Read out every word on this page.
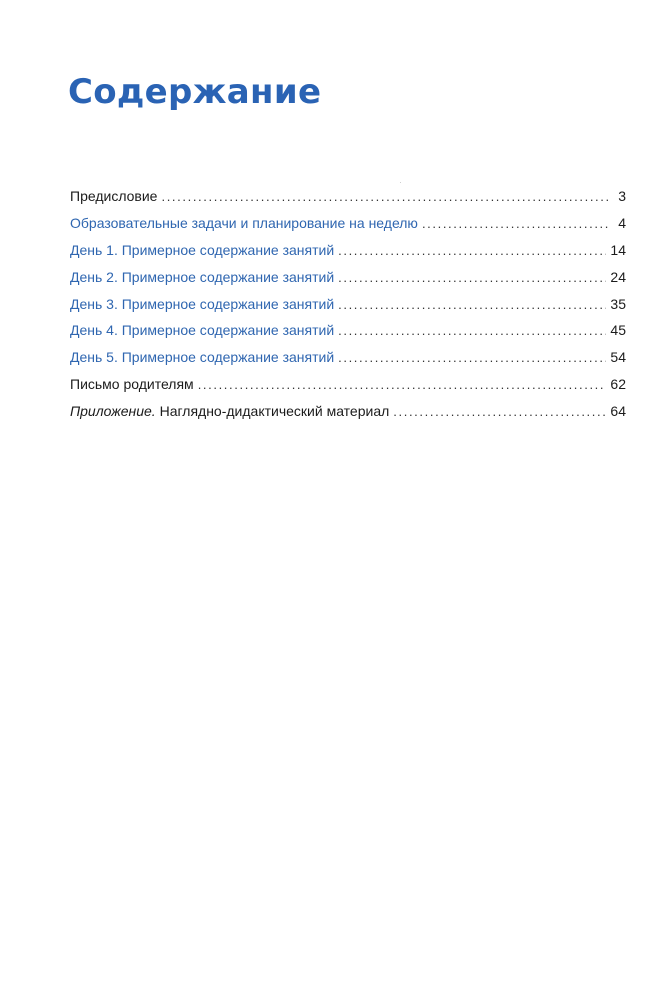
Содержание
Предисловие . . .	3
Образовательные задачи и планирование на неделю . . .	4
День 1. Примерное содержание занятий . . .	14
День 2. Примерное содержание занятий . . .	24
День 3. Примерное содержание занятий . . .	35
День 4. Примерное содержание занятий . . .	45
День 5. Примерное содержание занятий . . .	54
Письмо родителям . . .	62
Приложение. Наглядно-дидактический материал . . .	64
